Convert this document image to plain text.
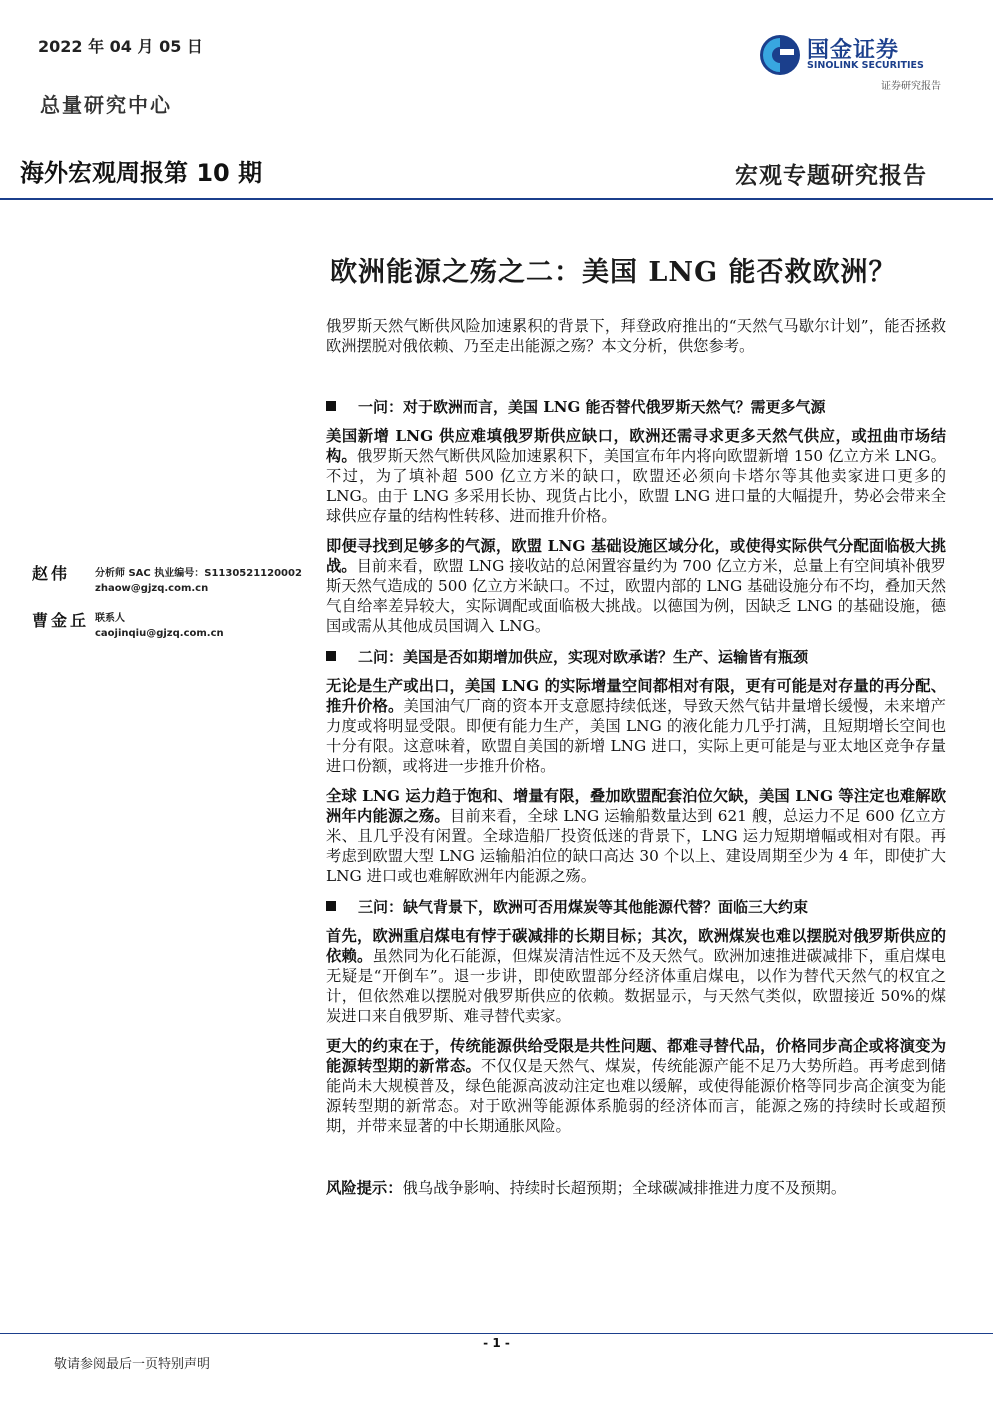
2022 年 04 月 05 日
总量研究中心
国金证券
SINOLINK SECURITIES
证券研究报告
海外宏观周报第 10 期	宏观专题研究报告
欧洲能源之殇之二：美国 LNG 能否救欧洲？

俄罗斯天然气断供风险加速累积的背景下，拜登政府推出的“天然气马歇尔计划”，能否拯救欧洲摆脱对俄依赖、乃至走出能源之殇？本文分析，供您参考。

一问：对于欧洲而言，美国 LNG 能否替代俄罗斯天然气？需更多气源

美国新增 LNG 供应难填俄罗斯供应缺口，欧洲还需寻求更多天然气供应，或扭曲市场结构。俄罗斯天然气断供风险加速累积下，美国宣布年内将向欧盟新增 150 亿立方米 LNG。不过，为了填补超 500 亿立方米的缺口，欧盟还必须向卡塔尔等其他卖家进口更多的 LNG。由于 LNG 多采用长协、现货占比小，欧盟 LNG 进口量的大幅提升，势必会带来全球供应存量的结构性转移、进而推升价格。

即便寻找到足够多的气源，欧盟 LNG 基础设施区域分化，或使得实际供气分配面临极大挑战。目前来看，欧盟 LNG 接收站的总闲置容量约为 700 亿立方米，总量上有空间填补俄罗斯天然气造成的 500 亿立方米缺口。不过，欧盟内部的 LNG 基础设施分布不均，叠加天然气自给率差异较大，实际调配或面临极大挑战。以德国为例，因缺乏 LNG 的基础设施，德国或需从其他成员国调入 LNG。

二问：美国是否如期增加供应，实现对欧承诺？生产、运输皆有瓶颈

无论是生产或出口，美国 LNG 的实际增量空间都相对有限，更有可能是对存量的再分配、推升价格。美国油气厂商的资本开支意愿持续低迷，导致天然气钻井量增长缓慢，未来增产力度或将明显受限。即便有能力生产，美国 LNG 的液化能力几乎打满，且短期增长空间也十分有限。这意味着，欧盟自美国的新增 LNG 进口，实际上更可能是与亚太地区竞争存量进口份额，或将进一步推升价格。

全球 LNG 运力趋于饱和、增量有限，叠加欧盟配套泊位欠缺，美国 LNG 等注定也难解欧洲年内能源之殇。目前来看，全球 LNG 运输船数量达到 621 艘，总运力不足 600 亿立方米、且几乎没有闲置。全球造船厂投资低迷的背景下，LNG 运力短期增幅或相对有限。再考虑到欧盟大型 LNG 运输船泊位的缺口高达 30 个以上、建设周期至少为 4 年，即使扩大 LNG 进口或也难解欧洲年内能源之殇。

三问：缺气背景下，欧洲可否用煤炭等其他能源代替？面临三大约束

首先，欧洲重启煤电有悖于碳减排的长期目标；其次，欧洲煤炭也难以摆脱对俄罗斯供应的依赖。虽然同为化石能源，但煤炭清洁性远不及天然气。欧洲加速推进碳减排下，重启煤电无疑是“开倒车”。退一步讲，即使欧盟部分经济体重启煤电，以作为替代天然气的权宜之计，但依然难以摆脱对俄罗斯供应的依赖。数据显示，与天然气类似，欧盟接近 50%的煤炭进口来自俄罗斯、难寻替代卖家。

更大的约束在于，传统能源供给受限是共性问题、都难寻替代品，价格同步高企或将演变为能源转型期的新常态。不仅仅是天然气、煤炭，传统能源产能不足乃大势所趋。再考虑到储能尚未大规模普及，绿色能源高波动注定也难以缓解，或使得能源价格等同步高企演变为能源转型期的新常态。对于欧洲等能源体系脆弱的经济体而言，能源之殇的持续时长或超预期，并带来显著的中长期通胀风险。

风险提示：俄乌战争影响、持续时长超预期；全球碳减排推进力度不及预期。

赵伟 分析师 SAC 执业编号：S1130521120002
zhaow@gjzq.com.cn
曹金丘 联系人
caojinqiu@gjzq.com.cn
- 1 -
敬请参阅最后一页特别声明
